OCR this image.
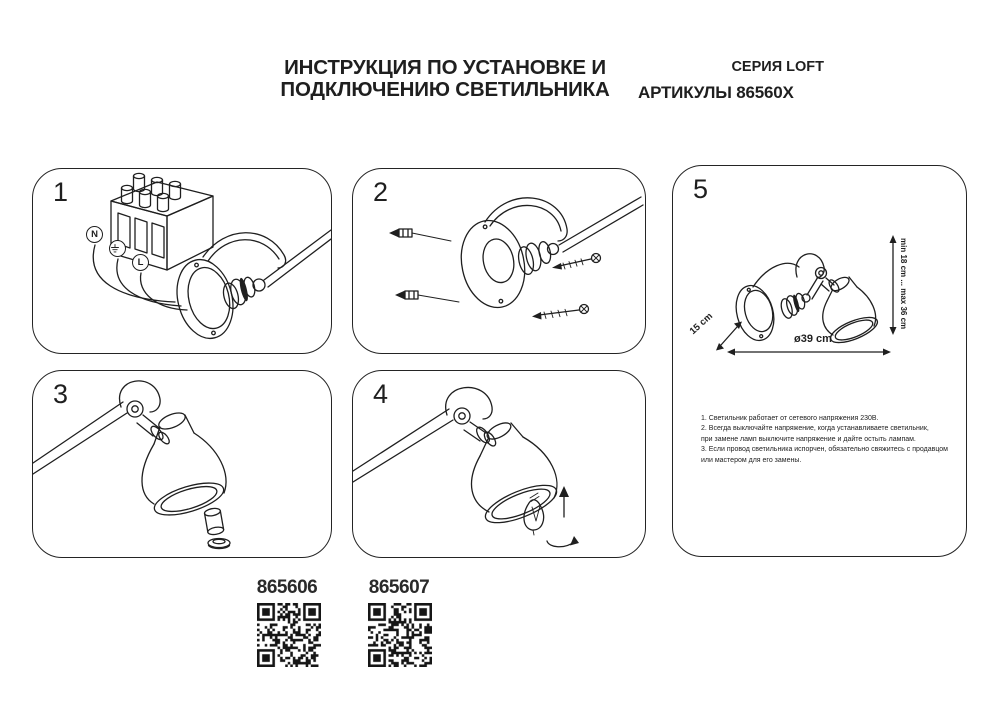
ИНСТРУКЦИЯ ПО УСТАНОВКЕ И
ПОДКЛЮЧЕНИЮ СВЕТИЛЬНИКА
СЕРИЯ LOFT
АРТИКУЛЫ 86560X
1
N
L
2
3	4
5
min 18 cm ... max 36 cm
ø39 cm
15 cm
1. Светильник работает от сетевого напряжения 230В.
2. Всегда выключайте напряжение, когда устанавливаете светильник,
при замене ламп выключите напряжение и дайте остыть лампам.
3. Если провод светильника испорчен, обязательно свяжитесь с продавцом
или мастером для его замены.
865606	865607
